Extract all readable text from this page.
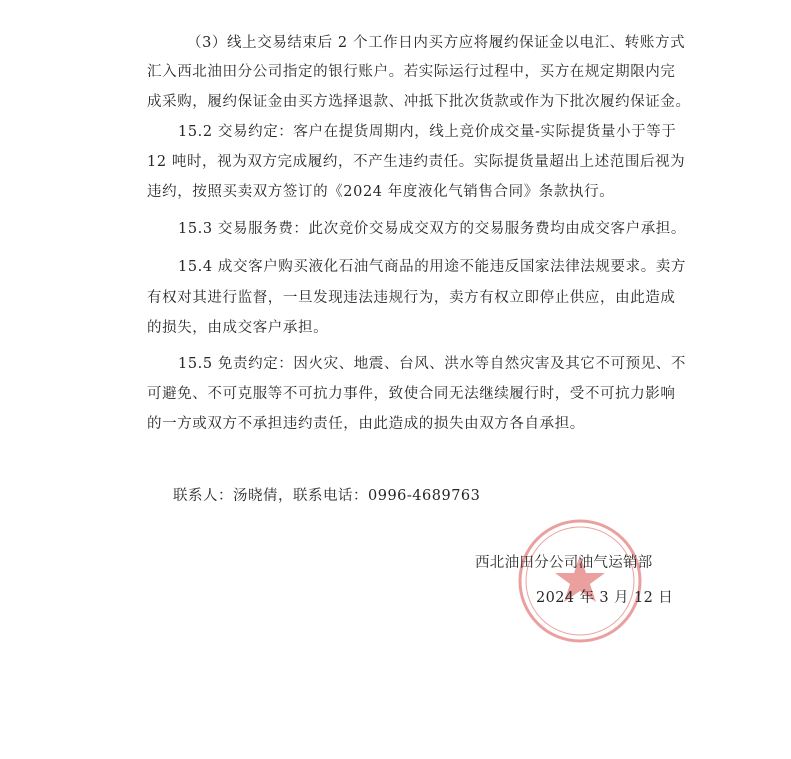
（3）线上交易结束后 2 个工作日内买方应将履约保证金以电汇、转账方式
汇入西北油田分公司指定的银行账户。若实际运行过程中，买方在规定期限内完
成采购，履约保证金由买方选择退款、冲抵下批次货款或作为下批次履约保证金。
15.2 交易约定：客户在提货周期内，线上竞价成交量-实际提货量小于等于
12 吨时，视为双方完成履约，不产生违约责任。实际提货量超出上述范围后视为
违约，按照买卖双方签订的《2024 年度液化气销售合同》条款执行。
15.3 交易服务费：此次竞价交易成交双方的交易服务费均由成交客户承担。
15.4 成交客户购买液化石油气商品的用途不能违反国家法律法规要求。卖方
有权对其进行监督，一旦发现违法违规行为，卖方有权立即停止供应，由此造成
的损失，由成交客户承担。
15.5 免责约定：因火灾、地震、台风、洪水等自然灾害及其它不可预见、不
可避免、不可克服等不可抗力事件，致使合同无法继续履行时，受不可抗力影响
的一方或双方不承担违约责任，由此造成的损失由双方各自承担。
联系人：汤晓倩，联系电话：0996-4689763
西北油田分公司油气运销部
2024 年 3 月 12 日
